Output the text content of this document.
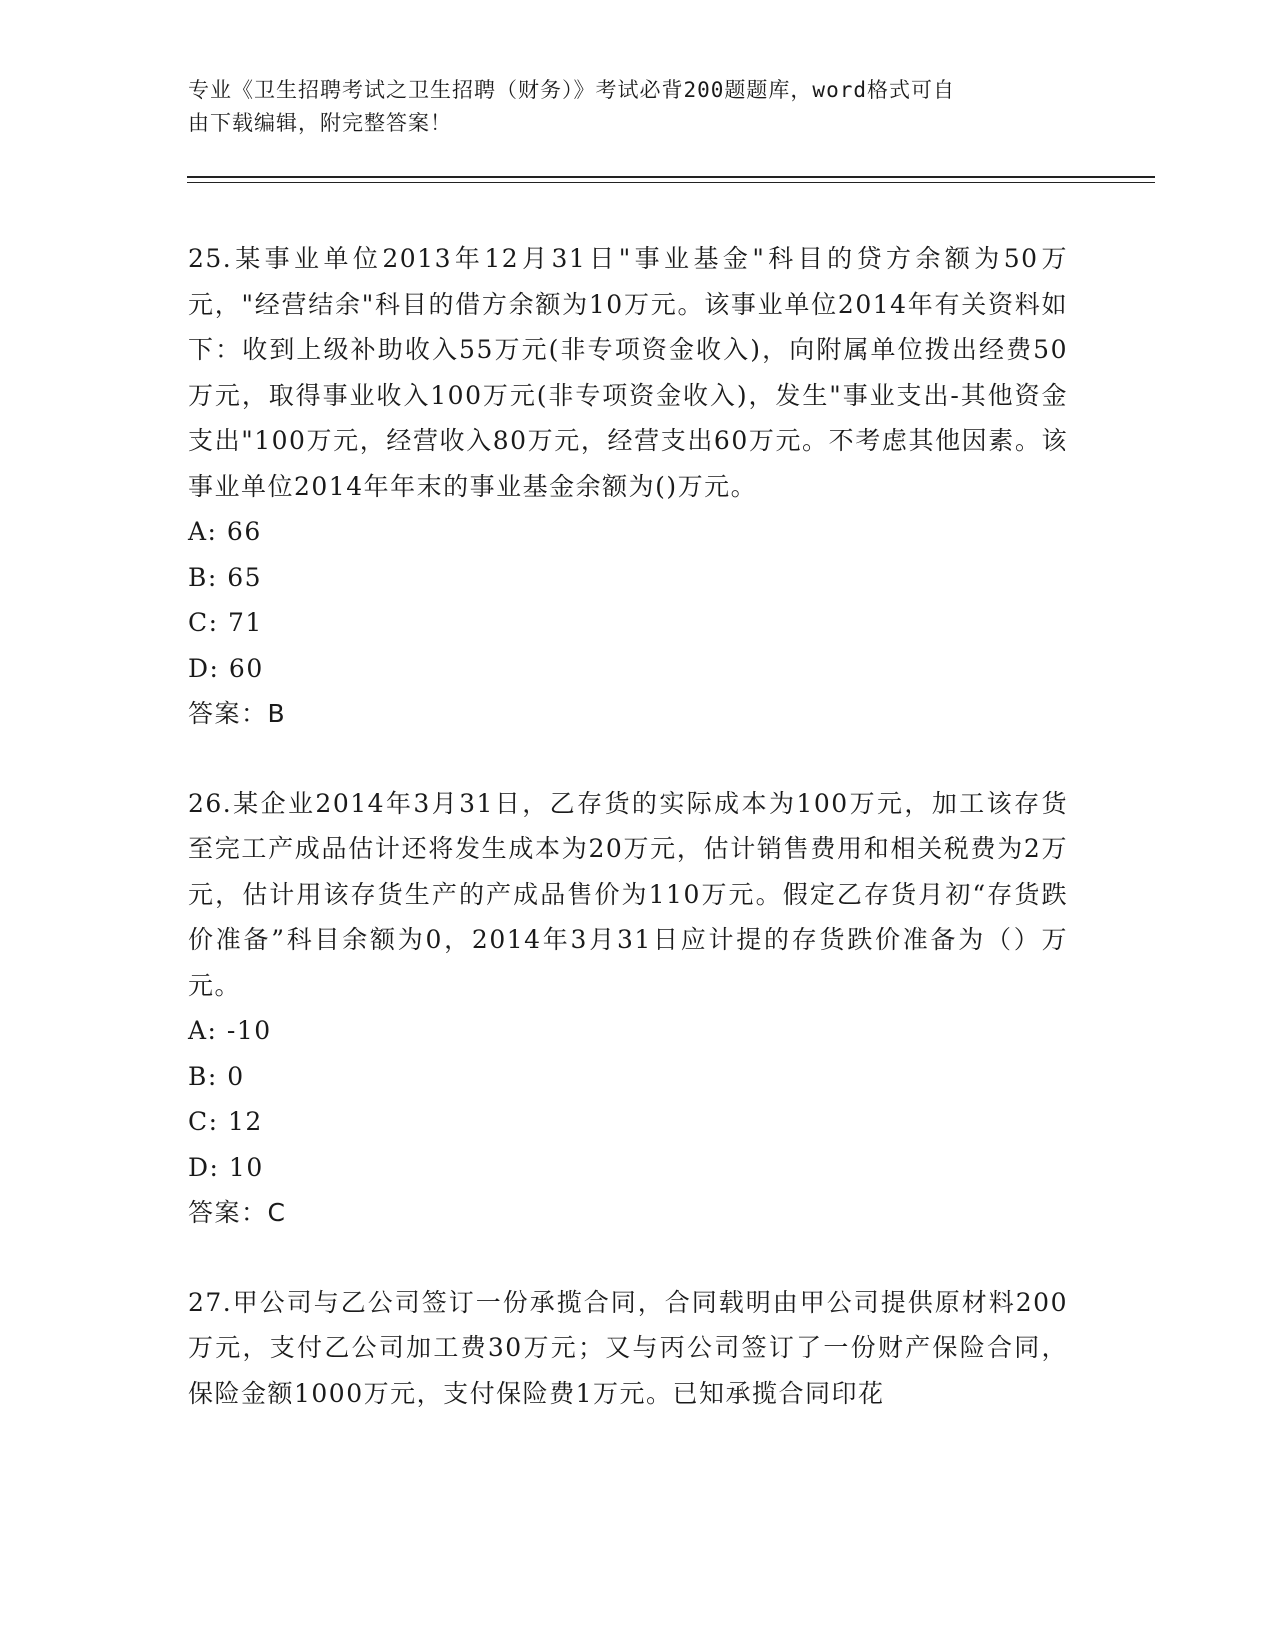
专业《卫生招聘考试之卫生招聘（财务）》考试必背200题题库，word格式可自
由下载编辑，附完整答案！
25.某事业单位2013年12月31日"事业基金"科目的贷方余额为50万元，"经营结余"科目的借方余额为10万元。该事业单位2014年有关资料如下：收到上级补助收入55万元(非专项资金收入)，向附属单位拨出经费50万元，取得事业收入100万元(非专项资金收入)，发生"事业支出-其他资金支出"100万元，经营收入80万元，经营支出60万元。不考虑其他因素。该事业单位2014年年末的事业基金余额为()万元。
A: 66
B: 65
C: 71
D: 60
答案：B
26.某企业2014年3月31日，乙存货的实际成本为100万元，加工该存货至完工产成品估计还将发生成本为20万元，估计销售费用和相关税费为2万元，估计用该存货生产的产成品售价为110万元。假定乙存货月初“存货跌价准备”科目余额为0，2014年3月31日应计提的存货跌价准备为（）万元。
A: -10
B: 0
C: 12
D: 10
答案：C
27.甲公司与乙公司签订一份承揽合同，合同载明由甲公司提供原材料200万元，支付乙公司加工费30万元；又与丙公司签订了一份财产保险合同，保险金额1000万元，支付保险费1万元。已知承揽合同印花
